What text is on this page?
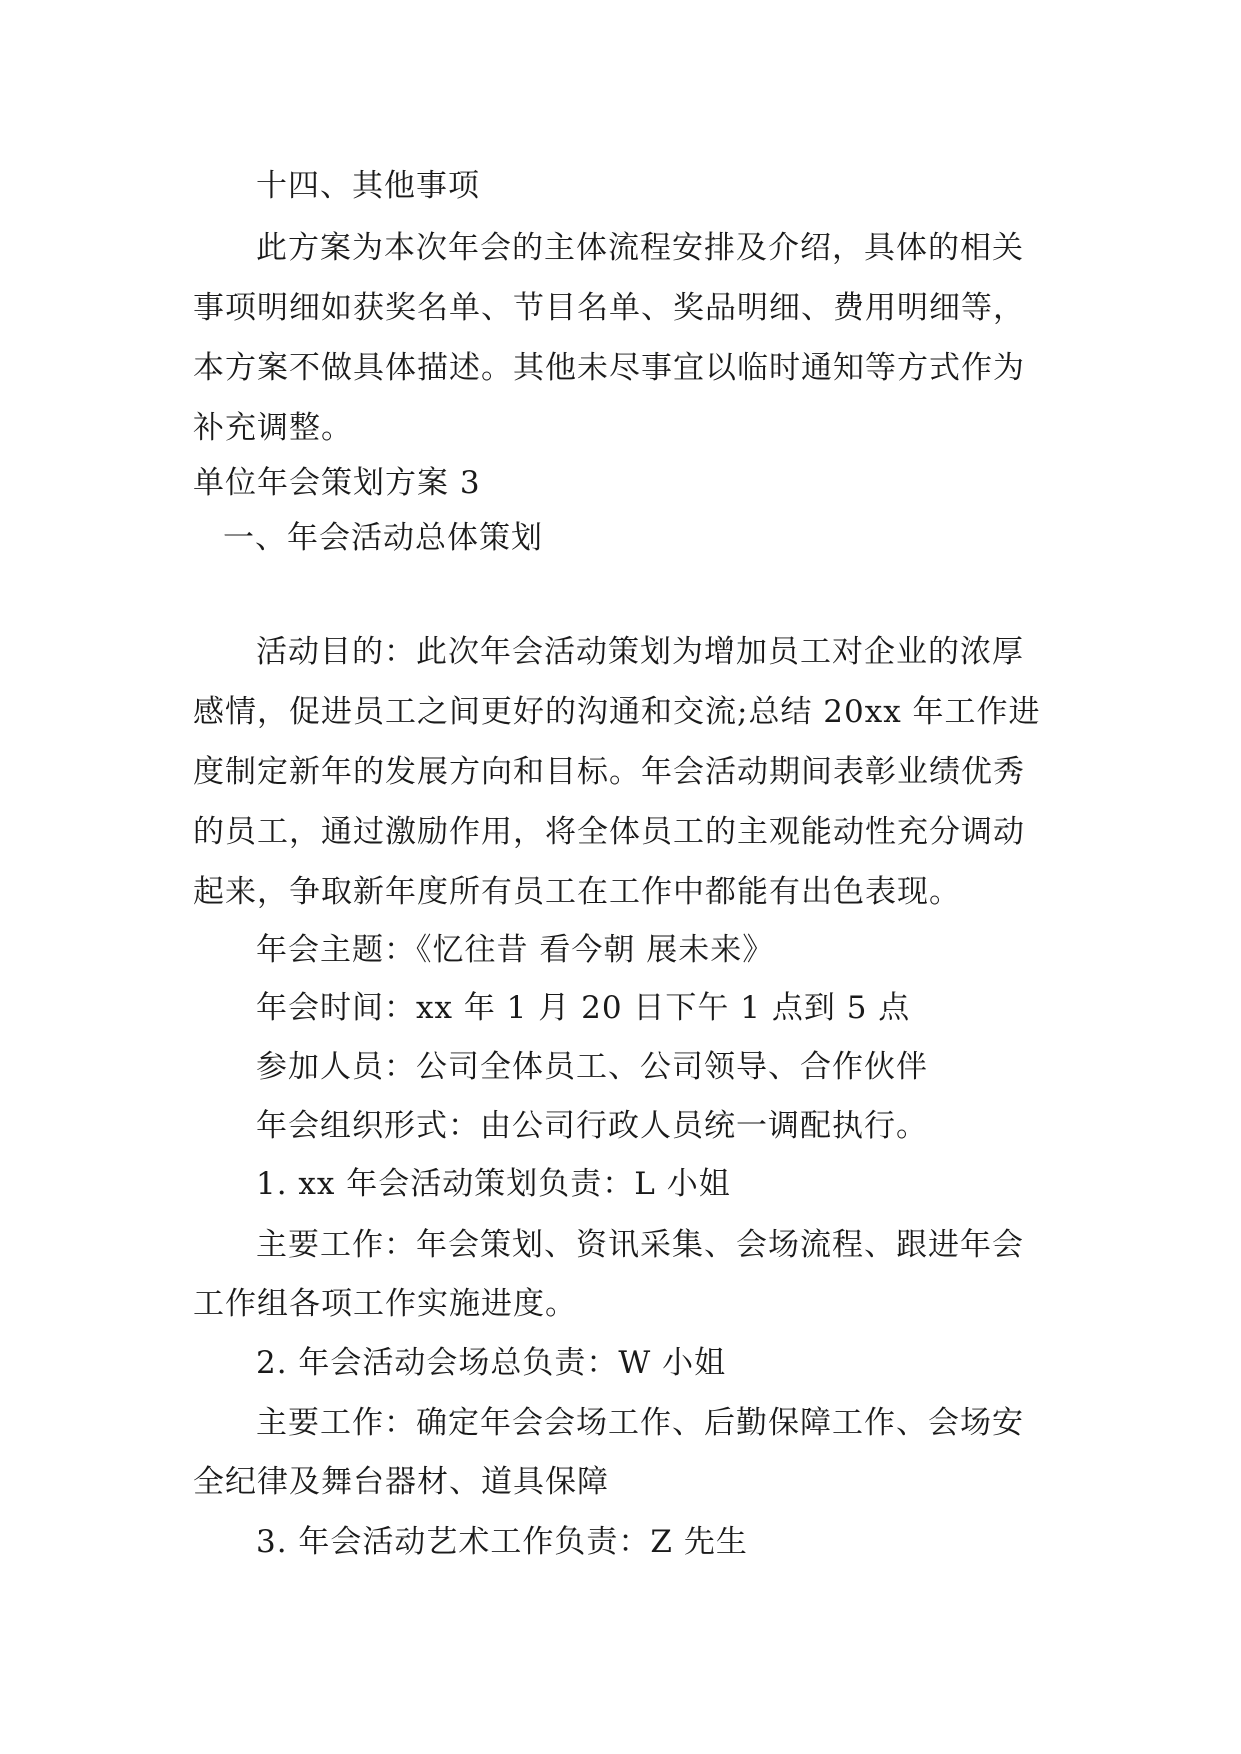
十四、其他事项

此方案为本次年会的主体流程安排及介绍，具体的相关

事项明细如获奖名单、节目名单、奖品明细、费用明细等，

本方案不做具体描述。其他未尽事宜以临时通知等方式作为

补充调整。

单位年会策划方案 3

一、年会活动总体策划

活动目的：此次年会活动策划为增加员工对企业的浓厚

感情，促进员工之间更好的沟通和交流;总结 20xx 年工作进

度制定新年的发展方向和目标。年会活动期间表彰业绩优秀

的员工，通过激励作用，将全体员工的主观能动性充分调动

起来，争取新年度所有员工在工作中都能有出色表现。

年会主题：《忆往昔 看今朝 展未来》

年会时间：xx 年 1 月 20 日下午 1 点到 5 点

参加人员：公司全体员工、公司领导、合作伙伴

年会组织形式：由公司行政人员统一调配执行。

1. xx 年会活动策划负责：L 小姐

主要工作：年会策划、资讯采集、会场流程、跟进年会

工作组各项工作实施进度。

2. 年会活动会场总负责：W 小姐

主要工作：确定年会会场工作、后勤保障工作、会场安

全纪律及舞台器材、道具保障

3. 年会活动艺术工作负责：Z 先生
